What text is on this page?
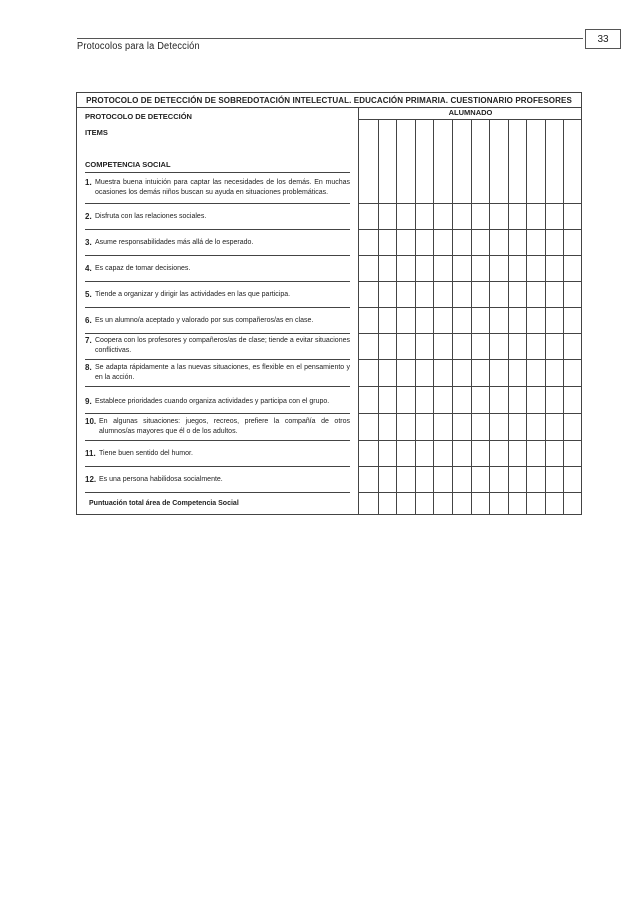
33
Protocolos para la Detección
PROTOCOLO DE DETECCIÓN DE SOBREDOTACIÓN INTELECTUAL. EDUCACIÓN PRIMARIA. CUESTIONARIO PROFESORES
PROTOCOLO DE DETECCIÓN
ITEMS
COMPETENCIA SOCIAL
1. Muestra buena intuición para captar las necesidades de los demás. En muchas ocasiones los demás niños buscan su ayuda en situaciones problemáticas.
2. Disfruta con las relaciones sociales.
3. Asume responsabilidades más allá de lo esperado.
4. Es capaz de tomar decisiones.
5. Tiende a organizar y dirigir las actividades en las que participa.
6. Es un alumno/a aceptado y valorado por sus compañeros/as en clase.
7. Coopera con los profesores y compañeros/as de clase; tiende a evitar situaciones conflictivas.
8. Se adapta rápidamente a las nuevas situaciones, es flexible en el pensamiento y en la acción.
9. Establece prioridades cuando organiza actividades y participa con el grupo.
10. En algunas situaciones: juegos, recreos, prefiere la compañía de otros alumnos/as mayores que él o de los adultos.
11. Tiene buen sentido del humor.
12. Es una persona habilidosa socialmente.
Puntuación total área de Competencia Social
ALUMNADO
